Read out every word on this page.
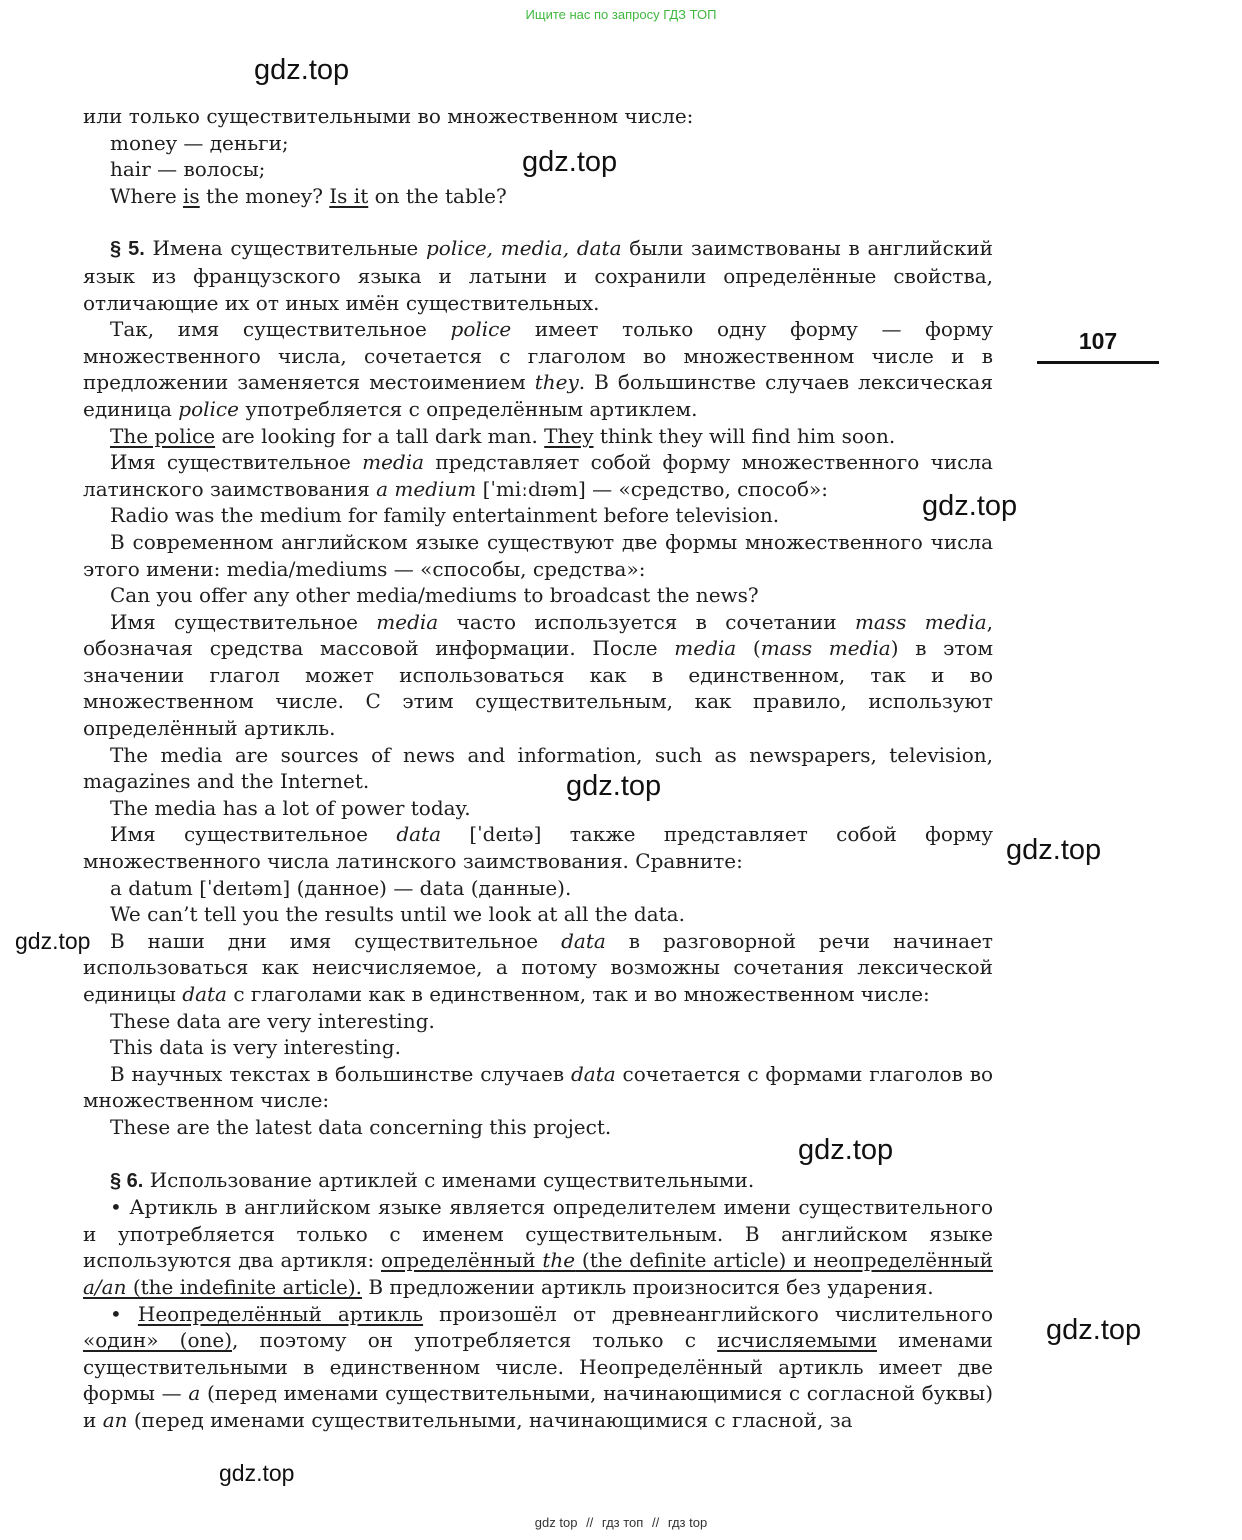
Ищите нас по запросу ГДЗ ТОП
107
gdz.top
gdz.top
gdz.top
gdz.top
gdz.top
gdz.top
gdz.top
gdz.top
gdz.top

или только существительными во множественном числе:

money — деньги;

hair — волосы;

Where is the money? Is it on the table?

§ 5. Имена существительные police, media, data были заимствованы в английский язык из французского языка и латыни и сохранили определённые свойства, отличающие их от иных имён существительных.

Так, имя существительное police имеет только одну форму — форму множественного числа, сочетается с глаголом во множественном числе и в предложении заменяется местоимением they. В большинстве случаев лексическая единица police употребляется с определённым артиклем.

The police are looking for a tall dark man. They think they will find him soon.

Имя существительное media представляет собой форму множественного числа латинского заимствования a medium [ˈmiːdɪəm] — «средство, способ»:

Radio was the medium for family entertainment before television.

В современном английском языке существуют две формы множественного числа этого имени: media/mediums — «способы, средства»:

Can you offer any other media/mediums to broadcast the news?

Имя существительное media часто используется в сочетании mass media, обозначая средства массовой информации. После media (mass media) в этом значении глагол может использоваться как в единственном, так и во множественном числе. С этим существительным, как правило, используют определённый артикль.

The media are sources of news and information, such as newspapers, television, magazines and the Internet.

The media has a lot of power today.

Имя существительное data [ˈdeɪtə] также представляет собой форму множественного числа латинского заимствования. Сравните:

a datum [ˈdeɪtəm] (данное) — data (данные).

We can’t tell you the results until we look at all the data.

В наши дни имя существительное data в разговорной речи начинает использоваться как неисчисляемое, а потому возможны сочетания лексической единицы data с глаголами как в единственном, так и во множественном числе:

These data are very interesting.

This data is very interesting.

В научных текстах в большинстве случаев data сочетается с формами глаголов во множественном числе:

These are the latest data concerning this project.

§ 6. Использование артиклей с именами существительными.

• Артикль в английском языке является определителем имени существительного и употребляется только с именем существительным. В английском языке используются два артикля: определённый the (the definite article) и неопределённый a/an (the indefinite article). В предложении артикль произносится без ударения.

• Неопределённый артикль произошёл от древнеанглийского числительного «один» (one), поэтому он употребляется только с исчисляемыми именами существительными в единственном числе. Неопределённый артикль имеет две формы — a (перед именами существительными, начинающимися с согласной буквы) и an (перед именами существительными, начинающимися с гласной, за

gdz top // гдз топ // гдз top
